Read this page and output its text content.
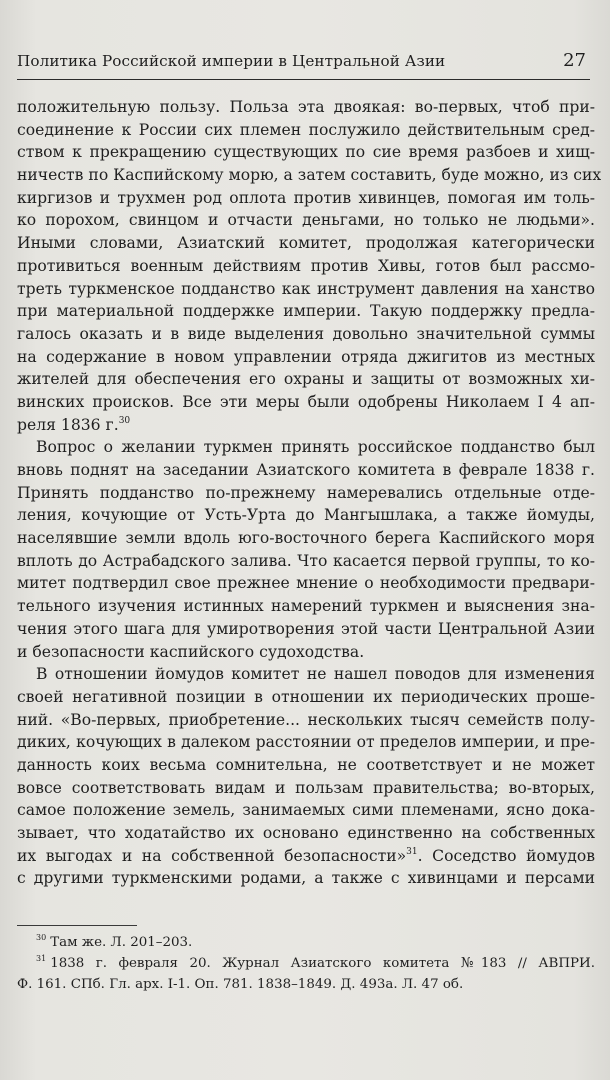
Политика Российской империи в Центральной Азии	27
положительную пользу. Польза эта двоякая: во-первых, чтоб при-
соединение к России сих племен послужило действительным сред-
ством к прекращению существующих по сие время разбоев и хищ-
ничеств по Каспийскому морю, а затем составить, буде можно, из сих
киргизов и трухмен род оплота против хивинцев, помогая им толь-
ко порохом, свинцом и отчасти деньгами, но только не людьми».
Иными словами, Азиатский комитет, продолжая категорически
противиться военным действиям против Хивы, готов был рассмо-
треть туркменское подданство как инструмент давления на ханство
при материальной поддержке империи. Такую поддержку предла-
галось оказать и в виде выделения довольно значительной суммы
на содержание в новом управлении отряда джигитов из местных
жителей для обеспечения его охраны и защиты от возможных хи-
винских происков. Все эти меры были одобрены Николаем I 4 ап-
реля 1836 г.$^{30}$
Вопрос о желании туркмен принять российское подданство был
вновь поднят на заседании Азиатского комитета в феврале 1838 г.
Принять подданство по-прежнему намеревались отдельные отде-
ления, кочующие от Усть-Урта до Мангышлака, а также йомуды,
населявшие земли вдоль юго-восточного берега Каспийского моря
вплоть до Астрабадского залива. Что касается первой группы, то ко-
митет подтвердил свое прежнее мнение о необходимости предвари-
тельного изучения истинных намерений туркмен и выяснения зна-
чения этого шага для умиротворения этой части Центральной Азии
и безопасности каспийского судоходства.
В отношении йомудов комитет не нашел поводов для изменения
своей негативной позиции в отношении их периодических проше-
ний. «Во-первых, приобретение... нескольких тысяч семейств полу-
диких, кочующих в далеком расстоянии от пределов империи, и пре-
данность коих весьма сомнительна, не соответствует и не может
вовсе соответствовать видам и пользам правительства; во-вторых,
самое положение земель, занимаемых сими племенами, ясно дока-
зывает, что ходатайство их основано единственно на собственных
их выгодах и на собственной безопасности»$^{31}$. Соседство йомудов
с другими туркменскими родами, а также с хивинцами и персами
$^{30}$ Там же. Л. 201–203.
$^{31}$ 1838 г. февраля 20. Журнал Азиатского комитета №183 // АВПРИ.
Ф. 161. СПб. Гл. арх. I-1. Оп. 781. 1838–1849. Д. 493а. Л. 47 об.
